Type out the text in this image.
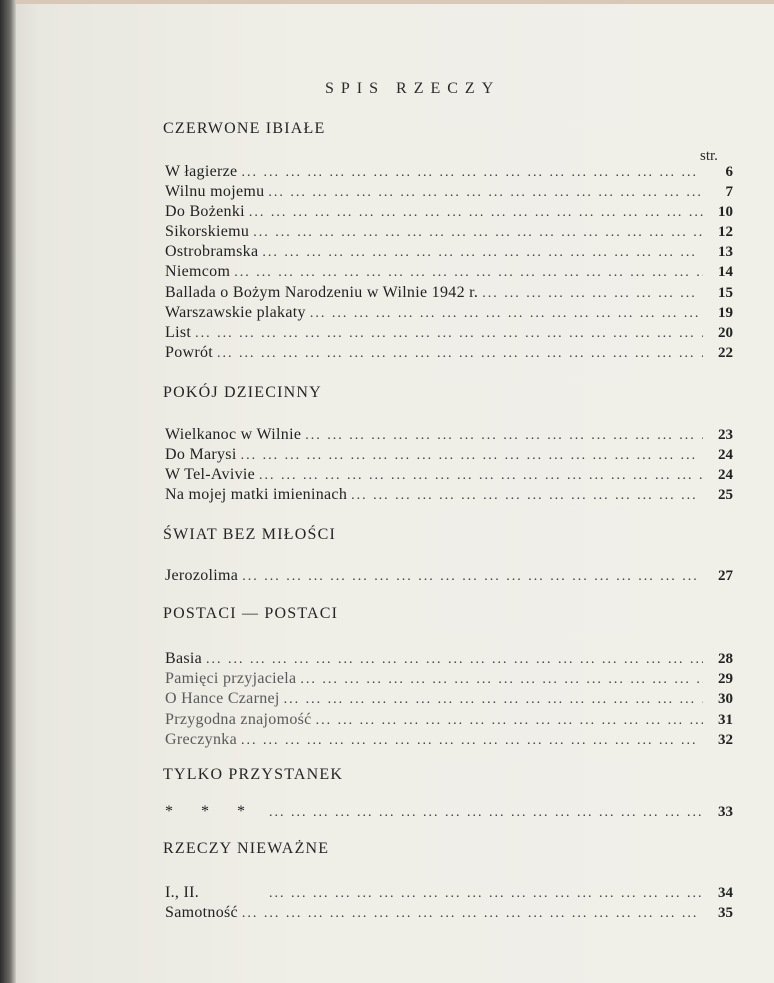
SPIS RZECZY
CZERWONE IBIAŁE
str.
W łagierze ... .	6
Wilnu mojemu ... .	7
Do Bożenki ... .	10
Sikorskiemu ... .	12
Ostrobramska ... .	13
Niemcom ... .	14
Ballada o Bożym Narodzeniu w Wilnie 1942 r. ... .	15
Warszawskie plakaty ... .	19
List ... .	20
Powrót ... .	22
POKÓJ DZIECINNY
Wielkanoc w Wilnie ... .	23
Do Marysi ... .	24
W Tel-Avivie ... .	24
Na mojej matki imieninach ... .	25
ŚWIAT BEZ MIŁOŚCI
Jerozolima ... .	27
POSTACI — POSTACI
Basia ... .	28
Pamięci przyjaciela ... .	29
O Hance Czarnej ... .	30
Przygodna znajomość ... .	31
Greczynka ... .	32
TYLKO PRZYSTANEK
* * * ... .	33
RZECZY NIEWAŻNE
I., II. ... .	34
Samotność ... .	35
